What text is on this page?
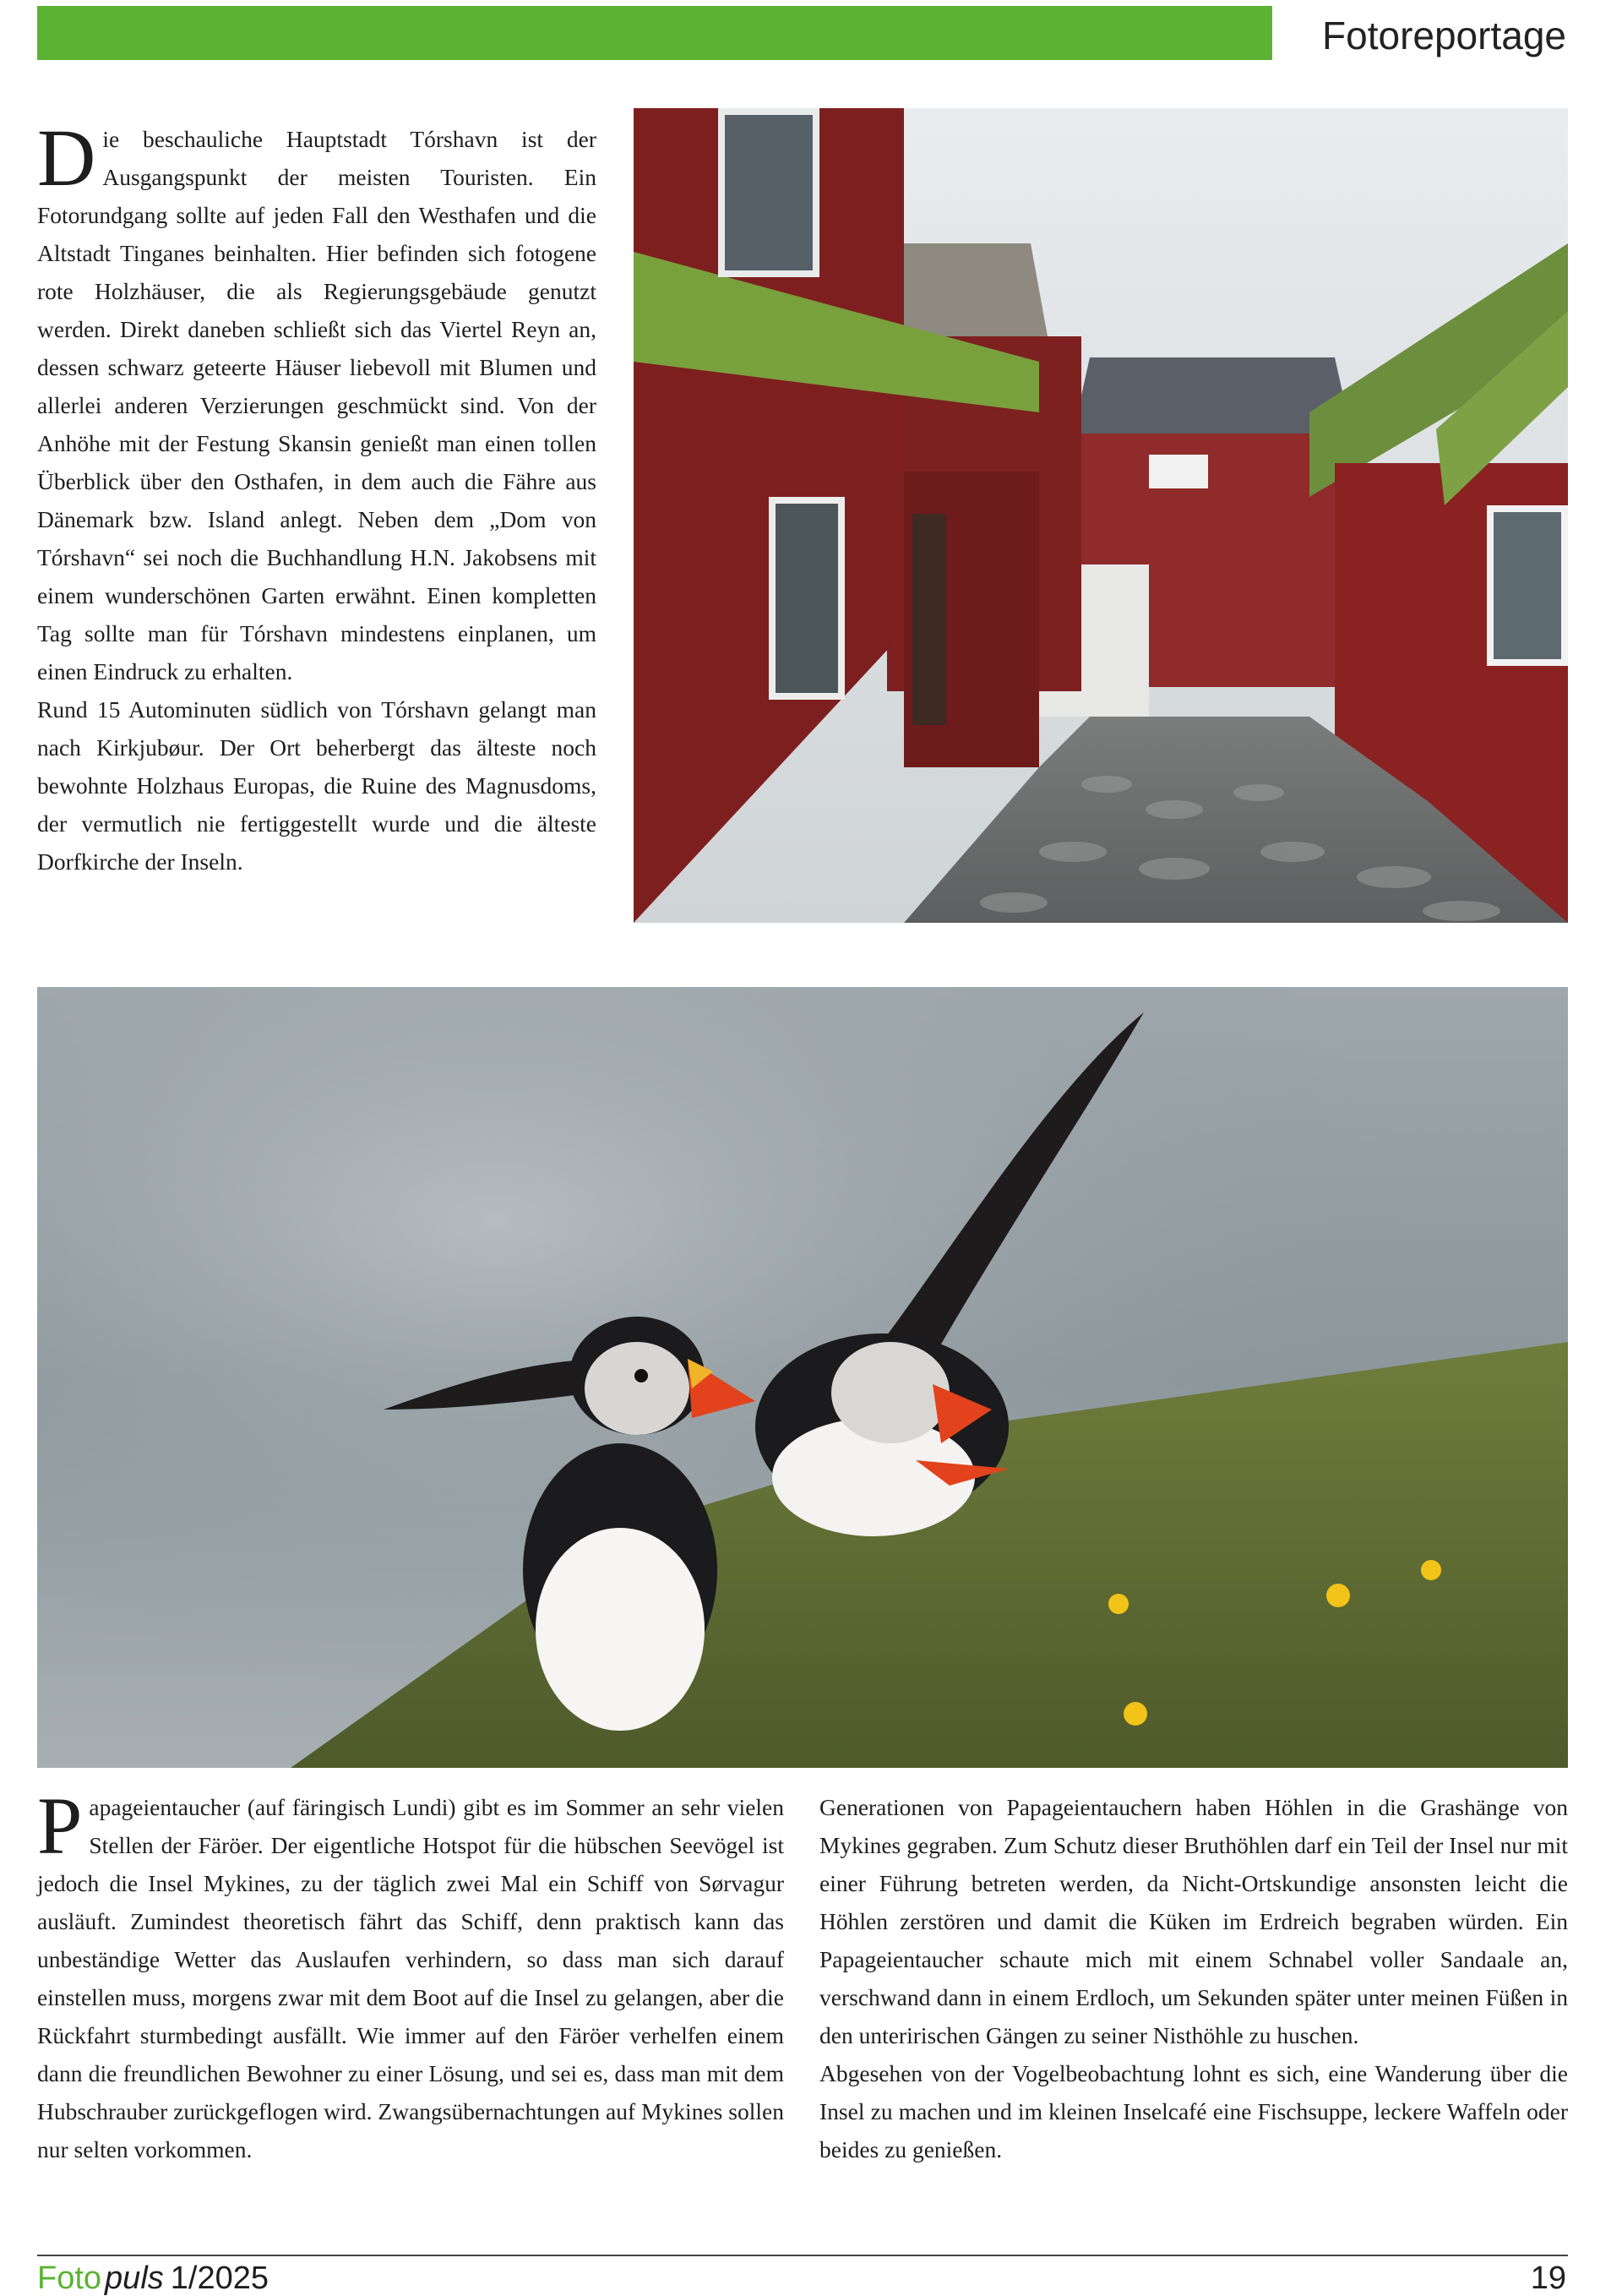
Fotoreportage

Die beschauliche Hauptstadt Tórshavn ist der Ausgangspunkt der meisten Touristen. Ein Fotorundgang sollte auf jeden Fall den Westhafen und die Altstadt Tinganes beinhalten. Hier befinden sich fotogene rote Holzhäuser, die als Regierungsgebäude genutzt werden. Direkt daneben schließt sich das Viertel Reyn an, dessen schwarz geteerte Häuser liebevoll mit Blumen und allerlei anderen Verzierungen geschmückt sind. Von der Anhöhe mit der Festung Skansin genießt man einen tollen Überblick über den Osthafen, in dem auch die Fähre aus Dänemark bzw. Island anlegt. Neben dem „Dom von Tórshavn“ sei noch die Buchhandlung H.N. Jakobsens mit einem wunderschönen Garten erwähnt. Einen kompletten Tag sollte man für Tórshavn mindestens einplanen, um einen Eindruck zu erhalten.

Rund 15 Autominuten südlich von Tórshavn gelangt man nach Kirkjubøur. Der Ort beherbergt das älteste noch bewohnte Holzhaus Europas, die Ruine des Magnusdoms, der vermutlich nie fertiggestellt wurde und die älteste Dorfkirche der Inseln.

Papageientaucher (auf färingisch Lundi) gibt es im Sommer an sehr vielen Stellen der Färöer. Der eigentliche Hotspot für die hübschen Seevögel ist jedoch die Insel Mykines, zu der täglich zwei Mal ein Schiff von Sørvagur ausläuft. Zumindest theoretisch fährt das Schiff, denn praktisch kann das unbeständige Wetter das Auslaufen verhindern, so dass man sich darauf einstellen muss, morgens zwar mit dem Boot auf die Insel zu gelangen, aber die Rückfahrt sturmbedingt ausfällt. Wie immer auf den Färöer verhelfen einem dann die freundlichen Bewohner zu einer Lösung, und sei es, dass man mit dem Hubschrauber zurückgeflogen wird. Zwangsübernachtungen auf Mykines sollen nur selten vorkommen.

Generationen von Papageientauchern haben Höhlen in die Grashänge von Mykines gegraben. Zum Schutz dieser Bruthöhlen darf ein Teil der Insel nur mit einer Führung betreten werden, da Nicht-Ortskundige ansonsten leicht die Höhlen zerstören und damit die Küken im Erdreich begraben würden. Ein Papageientaucher schaute mich mit einem Schnabel voller Sandaale an, verschwand dann in einem Erdloch, um Sekunden später unter meinen Füßen in den unteririschen Gängen zu seiner Nisthöhle zu huschen.

Abgesehen von der Vogelbeobachtung lohnt es sich, eine Wanderung über die Insel zu machen und im kleinen Inselcafé eine Fischsuppe, leckere Waffeln oder beides zu genießen.

Foto puls 1/2025	19
